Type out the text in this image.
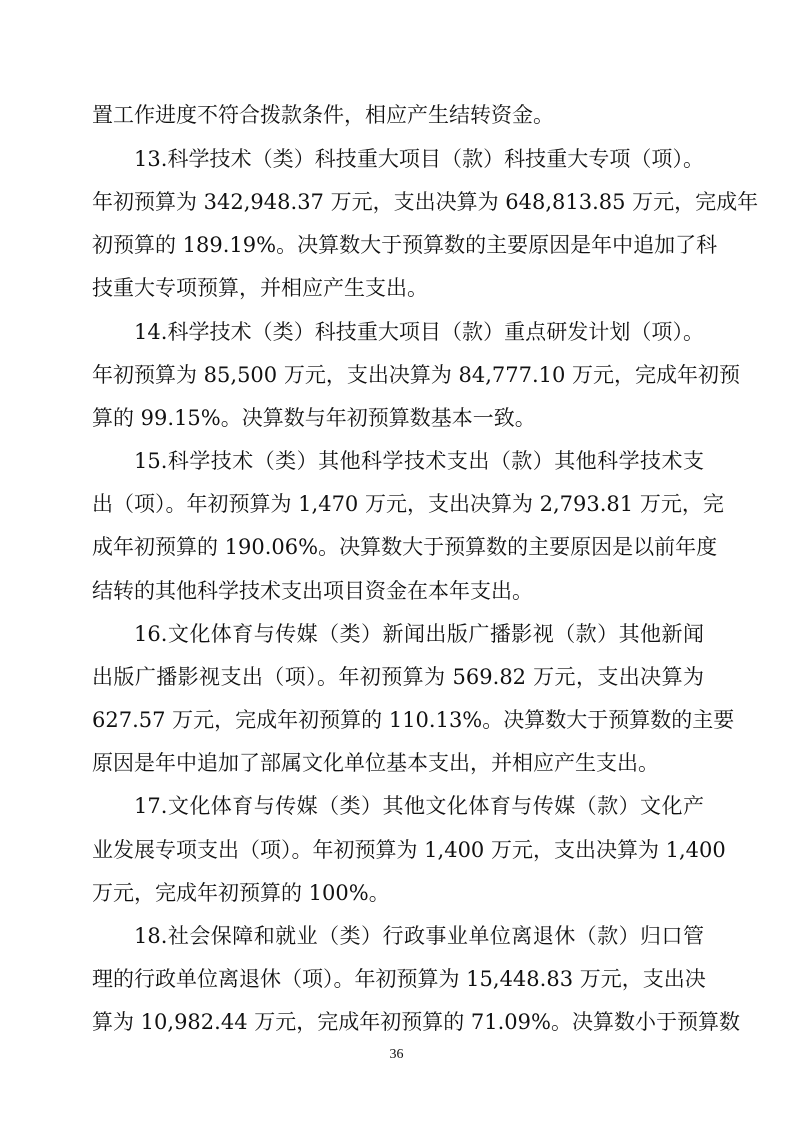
置工作进度不符合拨款条件，相应产生结转资金。
13.科学技术（类）科技重大项目（款）科技重大专项（项）。
年初预算为 342,948.37 万元，支出决算为 648,813.85 万元，完成年
初预算的 189.19%。决算数大于预算数的主要原因是年中追加了科
技重大专项预算，并相应产生支出。
14.科学技术（类）科技重大项目（款）重点研发计划（项）。
年初预算为 85,500 万元，支出决算为 84,777.10 万元，完成年初预
算的 99.15%。决算数与年初预算数基本一致。
15.科学技术（类）其他科学技术支出（款）其他科学技术支
出（项）。年初预算为 1,470 万元，支出决算为 2,793.81 万元，完
成年初预算的 190.06%。决算数大于预算数的主要原因是以前年度
结转的其他科学技术支出项目资金在本年支出。
16.文化体育与传媒（类）新闻出版广播影视（款）其他新闻
出版广播影视支出（项）。年初预算为 569.82 万元，支出决算为
627.57 万元，完成年初预算的 110.13%。决算数大于预算数的主要
原因是年中追加了部属文化单位基本支出，并相应产生支出。
17.文化体育与传媒（类）其他文化体育与传媒（款）文化产
业发展专项支出（项）。年初预算为 1,400 万元，支出决算为 1,400
万元，完成年初预算的 100%。
18.社会保障和就业（类）行政事业单位离退休（款）归口管
理的行政单位离退休（项）。年初预算为 15,448.83 万元，支出决
算为 10,982.44 万元，完成年初预算的 71.09%。决算数小于预算数
36
